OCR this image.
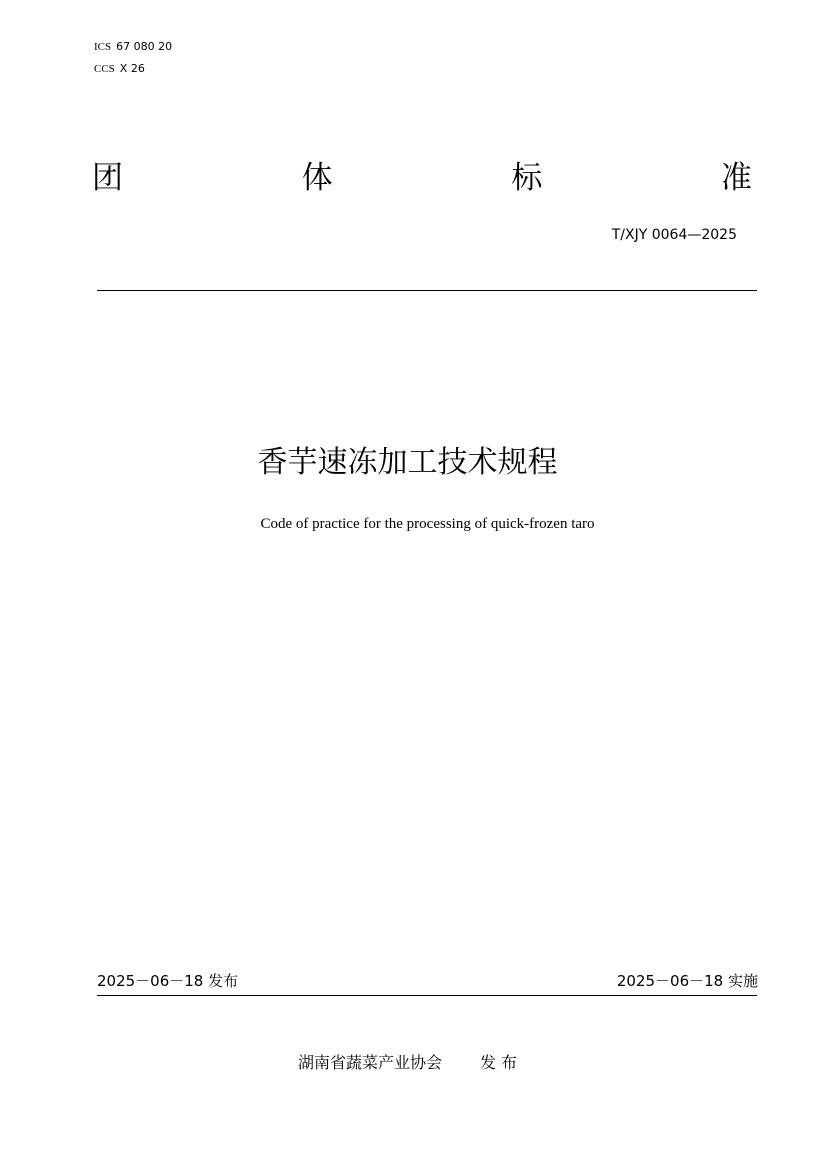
ICS 67 080 20
CCS X 26
团	体	标	准
T/XJY 0064—2025
香芋速冻加工技术规程
Code of practice for the processing of quick-frozen taro
2025－06－18 发布	2025－06－18 实施
湖南省蔬菜产业协会 发 布
